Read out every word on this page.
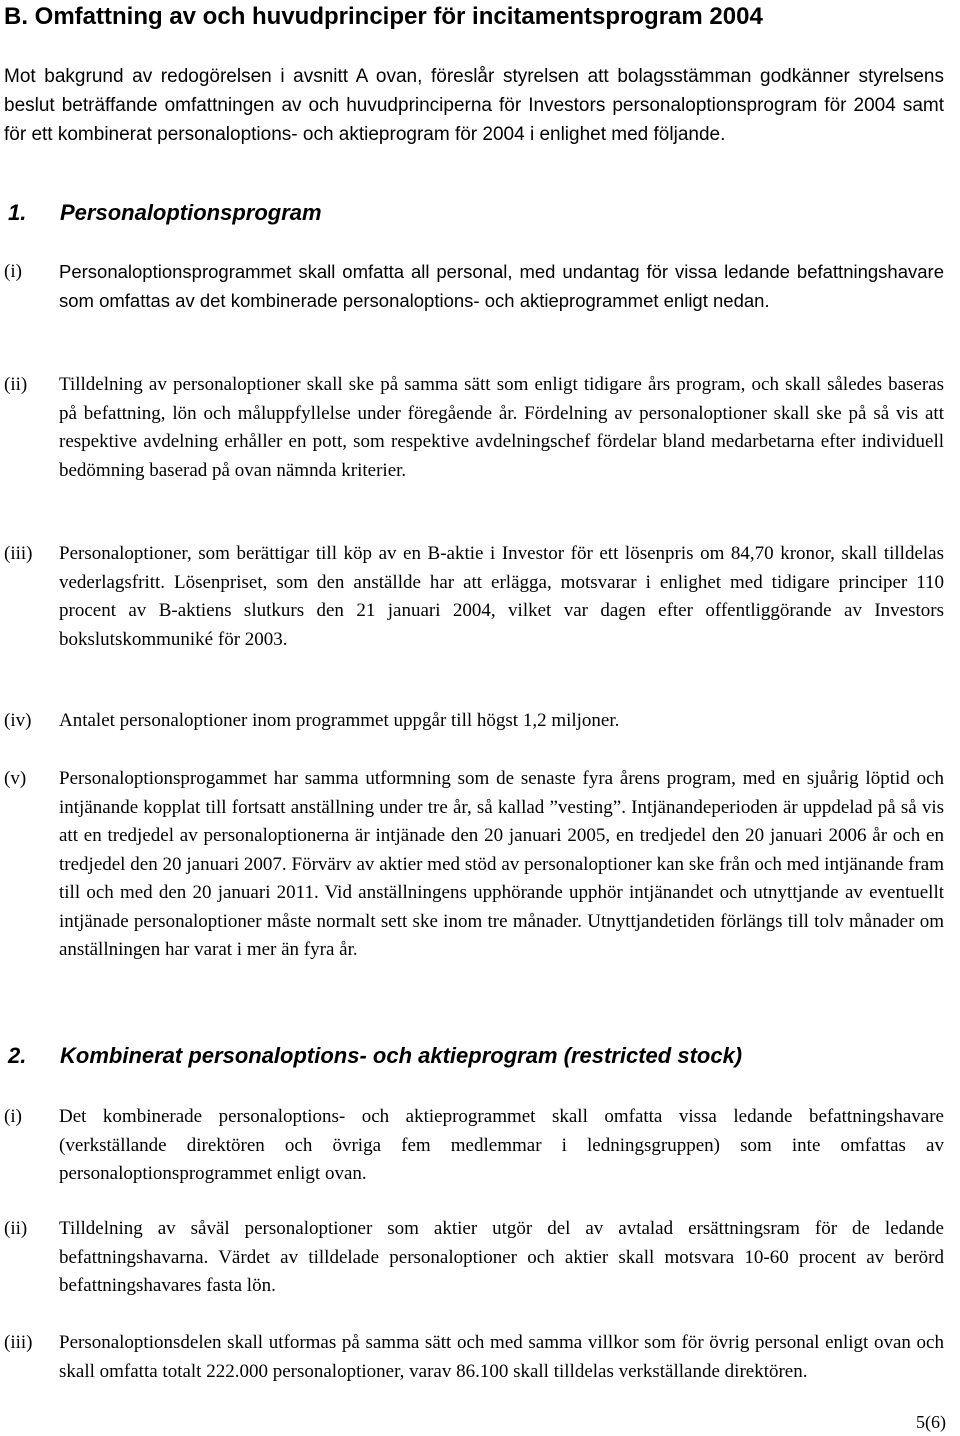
B. Omfattning av och huvudprinciper för incitamentsprogram 2004

Mot bakgrund av redogörelsen i avsnitt A ovan, föreslår styrelsen att bolagsstämman godkänner styrelsens beslut beträffande omfattningen av och huvudprinciperna för Investors personaloptionsprogram för 2004 samt för ett kombinerat personaloptions- och aktieprogram för 2004 i enlighet med följande.

1. Personaloptionsprogram
(i) Personaloptionsprogrammet skall omfatta all personal, med undantag för vissa ledande befattningshavare som omfattas av det kombinerade personaloptions- och aktieprogrammet enligt nedan.

(ii) Tilldelning av personaloptioner skall ske på samma sätt som enligt tidigare års program, och skall således baseras på befattning, lön och måluppfyllelse under föregående år. Fördelning av personaloptioner skall ske på så vis att respektive avdelning erhåller en pott, som respektive avdelningschef fördelar bland medarbetarna efter individuell bedömning baserad på ovan nämnda kriterier.

(iii) Personaloptioner, som berättigar till köp av en B-aktie i Investor för ett lösenpris om 84,70 kronor, skall tilldelas vederlagsfritt. Lösenpriset, som den anställde har att erlägga, motsvarar i enlighet med tidigare principer 110 procent av B-aktiens slutkurs den 21 januari 2004, vilket var dagen efter offentliggörande av Investors bokslutskommuniké för 2003.

(iv) Antalet personaloptioner inom programmet uppgår till högst 1,2 miljoner.

(v) Personaloptionsprogammet har samma utformning som de senaste fyra årens program, med en sjuårig löptid och intjänande kopplat till fortsatt anställning under tre år, så kallad ”vesting”. Intjänandeperioden är uppdelad på så vis att en tredjedel av personaloptionerna är intjänade den 20 januari 2005, en tredjedel den 20 januari 2006 år och en tredjedel den 20 januari 2007. Förvärv av aktier med stöd av personaloptioner kan ske från och med intjänande fram till och med den 20 januari 2011. Vid anställningens upphörande upphör intjänandet och utnyttjande av eventuellt intjänade personaloptioner måste normalt sett ske inom tre månader. Utnyttjandetiden förlängs till tolv månader om anställningen har varat i mer än fyra år.

2. Kombinerat personaloptions- och aktieprogram (restricted stock)
(i) Det kombinerade personaloptions- och aktieprogrammet skall omfatta vissa ledande befattningshavare (verkställande direktören och övriga fem medlemmar i ledningsgruppen) som inte omfattas av personaloptionsprogrammet enligt ovan.

(ii) Tilldelning av såväl personaloptioner som aktier utgör del av avtalad ersättningsram för de ledande befattningshavarna. Värdet av tilldelade personaloptioner och aktier skall motsvara 10-60 procent av berörd befattningshavares fasta lön.

(iii) Personaloptionsdelen skall utformas på samma sätt och med samma villkor som för övrig personal enligt ovan och skall omfatta totalt 222.000 personaloptioner, varav 86.100 skall tilldelas verkställande direktören.

5(6)
